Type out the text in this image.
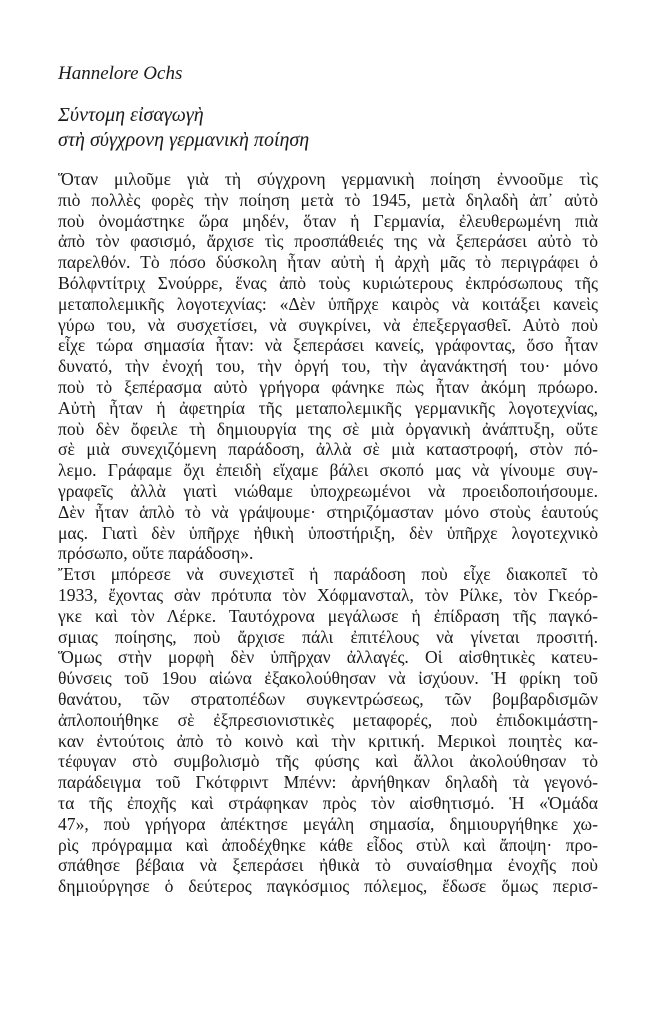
Hannelore Ochs
Σύντομη εἰσαγωγὴ
στὴ σύγχρονη γερμανικὴ ποίηση
Ὅταν μιλοῦμε γιὰ τὴ σύγχρονη γερμανικὴ ποίηση ἐννοοῦμε τὶς
πιὸ πολλὲς φορὲς τὴν ποίηση μετὰ τὸ 1945, μετὰ δηλαδὴ ἀπ᾽ αὐτὸ
ποὺ ὀνομάστηκε ὥρα μηδέν, ὅταν ἡ Γερμανία, ἐλευθερωμένη πιὰ
ἀπὸ τὸν φασισμό, ἄρχισε τὶς προσπάθειές της νὰ ξεπεράσει αὐτὸ τὸ
παρελθόν. Τὸ πόσο δύσκολη ἦταν αὐτὴ ἡ ἀρχὴ μᾶς τὸ περιγράφει ὁ
Βόλφντίτριχ Σνούρρε, ἕνας ἀπὸ τοὺς κυριώτερους ἐκπρόσωπους τῆς
μεταπολεμικῆς λογοτεχνίας: «Δὲν ὑπῆρχε καιρὸς νὰ κοιτάξει κανεὶς
γύρω του, νὰ συσχετίσει, νὰ συγκρίνει, νὰ ἐπεξεργασθεῖ. Αὐτὸ ποὺ
εἶχε τώρα σημασία ἦταν: νὰ ξεπεράσει κανείς, γράφοντας, ὅσο ἦταν
δυνατό, τὴν ἐνοχή του, τὴν ὀργή του, τὴν ἀγανάκτησή του· μόνο
ποὺ τὸ ξεπέρασμα αὐτὸ γρήγορα φάνηκε πὼς ἦταν ἀκόμη πρόωρο.
Αὐτὴ ἦταν ἡ ἀφετηρία τῆς μεταπολεμικῆς γερμανικῆς λογοτεχνίας,
ποὺ δὲν ὄφειλε τὴ δημιουργία της σὲ μιὰ ὀργανικὴ ἀνάπτυξη, οὔτε
σὲ μιὰ συνεχιζόμενη παράδοση, ἀλλὰ σὲ μιὰ καταστροφή, στὸν πό-
λεμο. Γράφαμε ὄχι ἐπειδὴ εἴχαμε βάλει σκοπό μας νὰ γίνουμε συγ-
γραφεῖς ἀλλὰ γιατὶ νιώθαμε ὑποχρεωμένοι νὰ προειδοποιήσουμε.
Δὲν ἦταν ἁπλὸ τὸ νὰ γράψουμε· στηριζόμασταν μόνο στοὺς ἑαυτούς
μας. Γιατὶ δὲν ὑπῆρχε ἠθικὴ ὑποστήριξη, δὲν ὑπῆρχε λογοτεχνικὸ
πρόσωπο, οὔτε παράδοση».
Ἔτσι μπόρεσε νὰ συνεχιστεῖ ἡ παράδοση ποὺ εἶχε διακοπεῖ τὸ
1933, ἔχοντας σὰν πρότυπα τὸν Χόφμανσταλ, τὸν Ρίλκε, τὸν Γκεόρ-
γκε καὶ τὸν Λέρκε. Ταυτόχρονα μεγάλωσε ἡ ἐπίδραση τῆς παγκό-
σμιας ποίησης, ποὺ ἄρχισε πάλι ἐπιτέλους νὰ γίνεται προσιτή.
Ὅμως στὴν μορφὴ δὲν ὑπῆρχαν ἀλλαγές. Οἱ αἰσθητικὲς κατευ-
θύνσεις τοῦ 19ου αἰώνα ἐξακολούθησαν νὰ ἰσχύουν. Ἡ φρίκη τοῦ
θανάτου, τῶν στρατοπέδων συγκεντρώσεως, τῶν βομβαρδισμῶν
ἀπλοποιήθηκε σὲ ἐξπρεσιονιστικὲς μεταφορές, ποὺ ἐπιδοκιμάστη-
καν ἐντούτοις ἀπὸ τὸ κοινὸ καὶ τὴν κριτική. Μερικοὶ ποιητὲς κα-
τέφυγαν στὸ συμβολισμὸ τῆς φύσης καὶ ἄλλοι ἀκολούθησαν τὸ
παράδειγμα τοῦ Γκότφριντ Μπένν: ἀρνήθηκαν δηλαδὴ τὰ γεγονό-
τα τῆς ἐποχῆς καὶ στράφηκαν πρὸς τὸν αἰσθητισμό. Ἡ «Ὁμάδα
47», ποὺ γρήγορα ἀπέκτησε μεγάλη σημασία, δημιουργήθηκε χω-
ρὶς πρόγραμμα καὶ ἀποδέχθηκε κάθε εἶδος στὺλ καὶ ἄποψη· προ-
σπάθησε βέβαια νὰ ξεπεράσει ἠθικὰ τὸ συναίσθημα ἐνοχῆς ποὺ
δημιούργησε ὁ δεύτερος παγκόσμιος πόλεμος, ἔδωσε ὅμως περισ-
